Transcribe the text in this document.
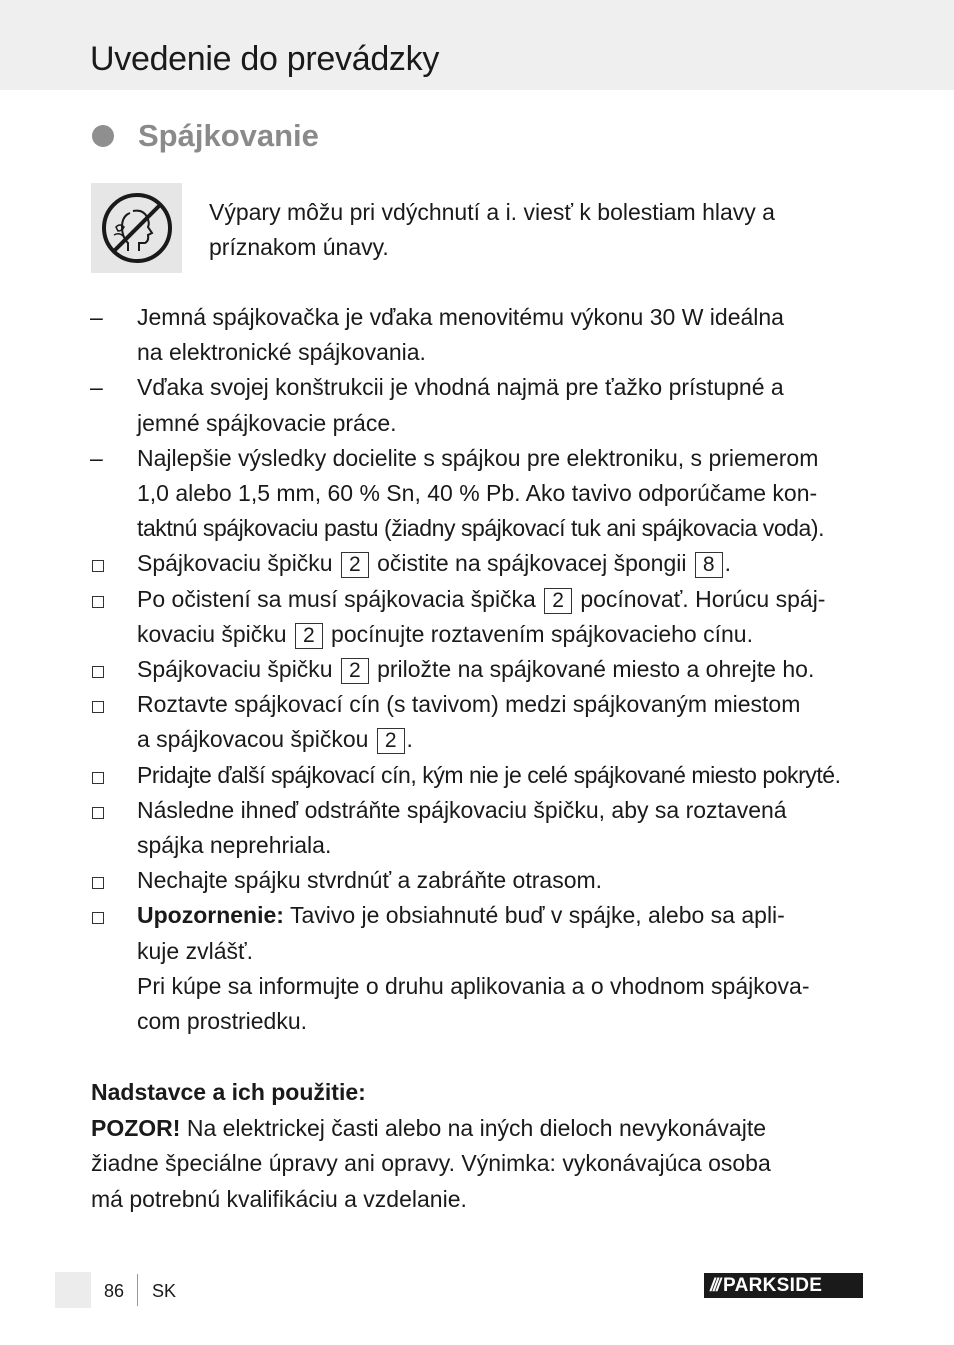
Uvedenie do prevádzky
Spájkovanie
Výpary môžu pri vdýchnutí a i. viesť k bolestiam hlavy a
príznakom únavy.
–	Jemná spájkovačka je vďaka menovitému výkonu 30 W ideálna
na elektronické spájkovania.
–	Vďaka svojej konštrukcii je vhodná najmä pre ťažko prístupné a
jemné spájkovacie práce.
–	Najlepšie výsledky docielite s spájkou pre elektroniku, s priemerom
1,0 alebo 1,5 mm, 60 % Sn, 40 % Pb. Ako tavivo odporúčame kon-
taktnú spájkovaciu pastu (žiadny spájkovací tuk ani spájkovacia voda).
Spájkovaciu špičku 2 očistite na spájkovacej špongii 8 .
Po očistení sa musí spájkovacia špička 2 pocínovať. Horúcu spáj-
kovaciu špičku 2 pocínujte roztavením spájkovacieho cínu.
Spájkovaciu špičku 2 priložte na spájkované miesto a ohrejte ho.
Roztavte spájkovací cín (s tavivom) medzi spájkovaným miestom
a spájkovacou špičkou 2 .
Pridajte ďalší spájkovací cín, kým nie je celé spájkované miesto pokryté.
Následne ihneď odstráňte spájkovaciu špičku, aby sa roztavená
spájka neprehriala.
Nechajte spájku stvrdnúť a zabráňte otrasom.
Upozornenie: Tavivo je obsiahnuté buď v spájke, alebo sa apli-
kuje zvlášť.
Pri kúpe sa informujte o druhu aplikovania a o vhodnom spájkova-
com prostriedku.
Nadstavce a ich použitie:
POZOR! Na elektrickej časti alebo na iných dieloch nevykonávajte
žiadne špeciálne úpravy ani opravy. Výnimka: vykonávajúca osoba
má potrebnú kvalifikáciu a vzdelanie.
86 SK	/// PARKSIDE
